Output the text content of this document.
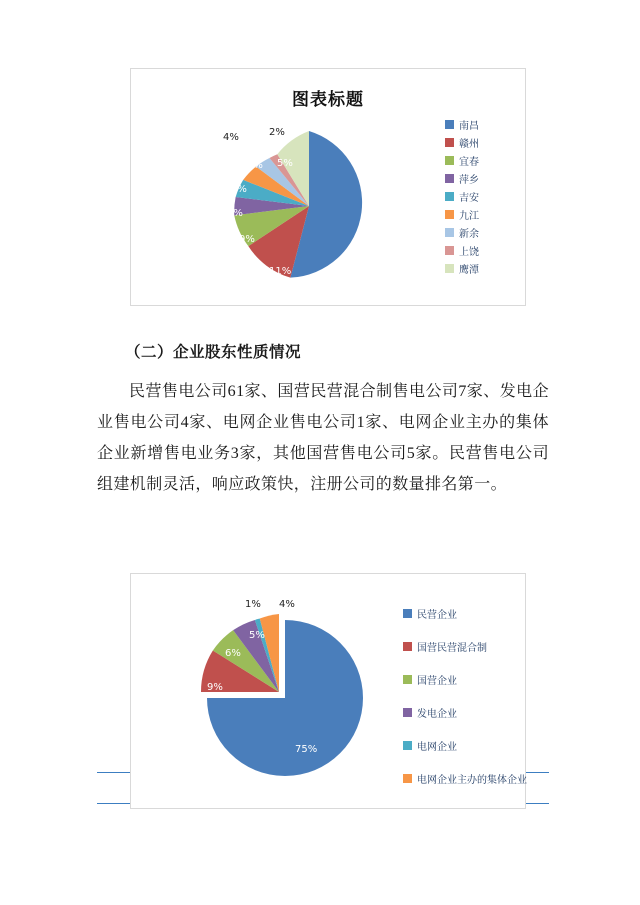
图表标题
54%
11%
9%
5%
5%
5%
4%	2%
5%
南昌
赣州
宜春
萍乡
吉安
九江
新余
上饶
鹰潭
（二）企业股东性质情况

民营售电公司61家、国营民营混合制售电公司7家、发电企业售电公司4家、电网企业售电公司1家、电网企业主办的集体企业新增售电业务3家，其他国营售电公司5家。民营售电公司组建机制灵活，响应政策快，注册公司的数量排名第一。

75%
9%
6%
5%
1% 4%
民营企业
国营民营混合制
国营企业
发电企业
电网企业
电网企业主办的集体企业
